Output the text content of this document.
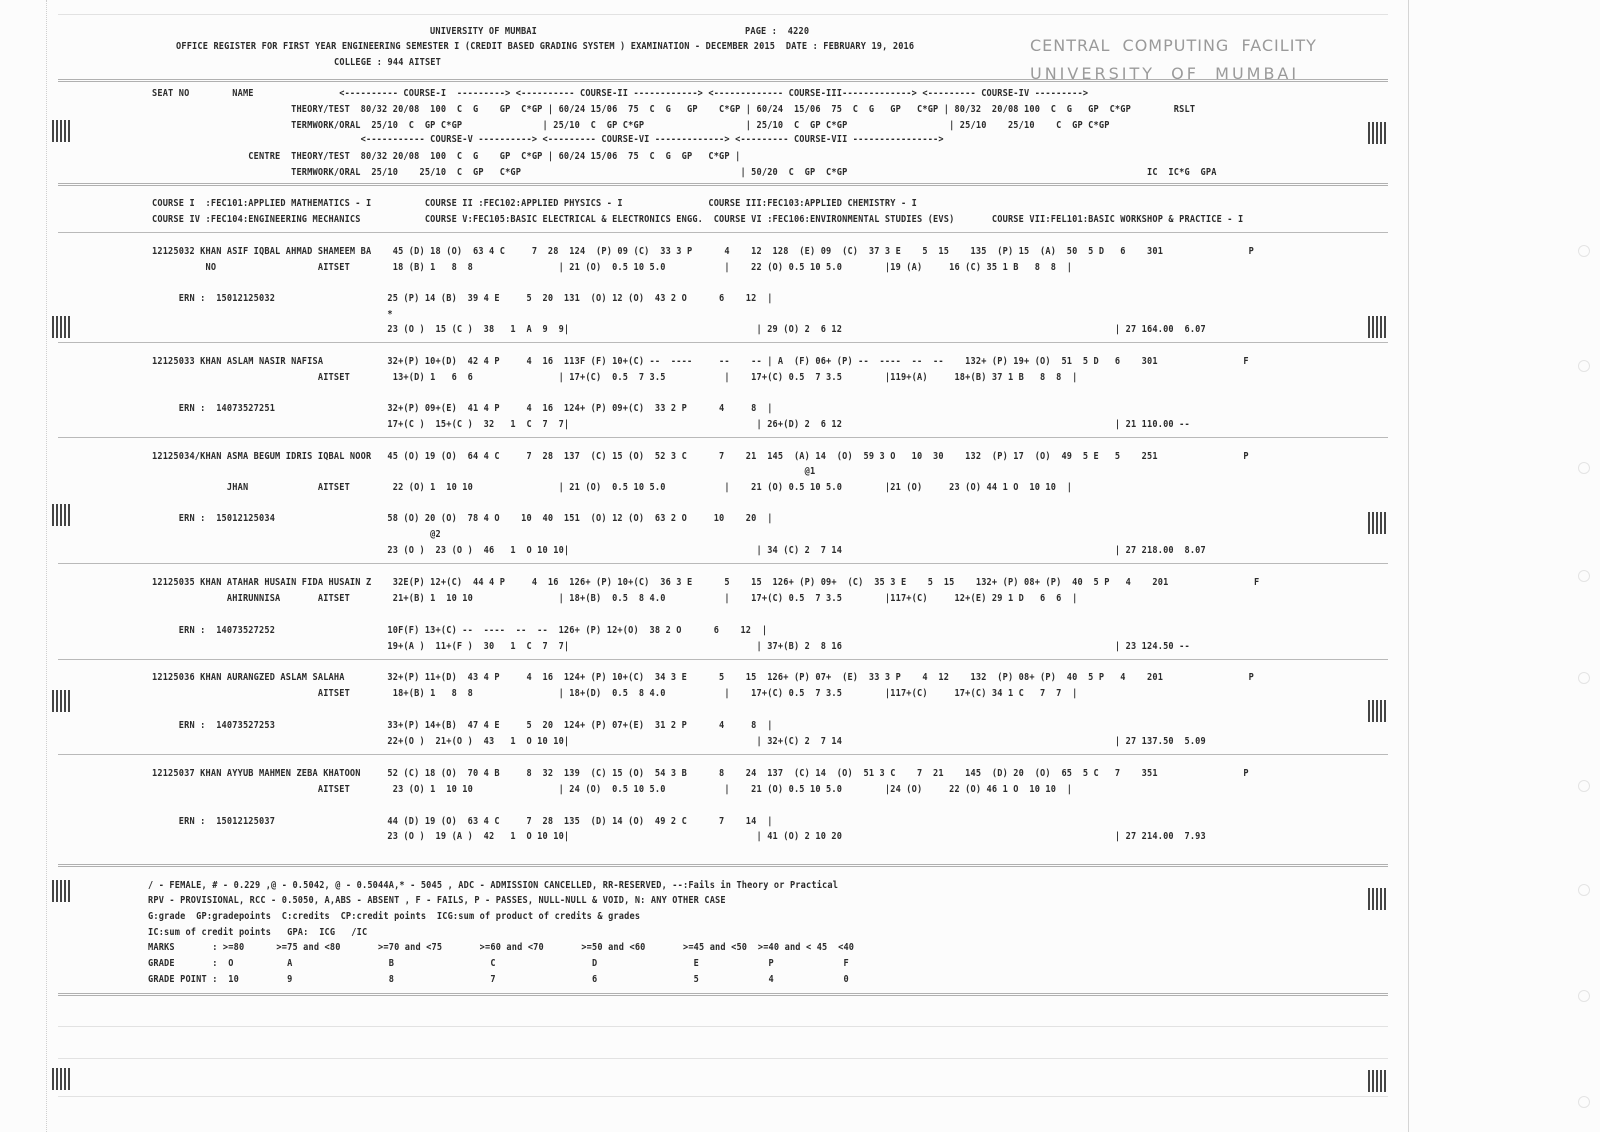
UNIVERSITY OF MUMBAI	PAGE :  4220
OFFICE REGISTER FOR FIRST YEAR ENGINEERING SEMESTER I (CREDIT BASED GRADING SYSTEM ) EXAMINATION - DECEMBER 2015  DATE : FEBRUARY 19, 2016
COLLEGE : 944 AITSET
CENTRAL  COMPUTING  FACILITY
UNIVERSITY  OF  MUMBAI
SEAT NO        NAME                <---------- COURSE-I  ---------> <---------- COURSE-II ------------> <------------- COURSE-III-------------> <--------- COURSE-IV --------->
THEORY/TEST  80/32 20/08  100  C  G    GP  C*GP | 60/24 15/06  75  C  G   GP    C*GP | 60/24  15/06  75  C  G   GP   C*GP | 80/32  20/08 100  C  G   GP  C*GP        RSLT
TERMWORK/ORAL  25/10  C  GP C*GP               | 25/10  C  GP C*GP                   | 25/10  C  GP C*GP                   | 25/10    25/10    C  GP C*GP
<----------- COURSE-V ----------> <--------- COURSE-VI -------------> <--------- COURSE-VII ---------------->
CENTRE  THEORY/TEST  80/32 20/08  100  C  G    GP  C*GP | 60/24 15/06  75  C  G  GP   C*GP |
TERMWORK/ORAL  25/10    25/10  C  GP   C*GP                                         | 50/20  C  GP  C*GP                                                        IC  IC*G  GPA
COURSE I  :FEC101:APPLIED MATHEMATICS - I          COURSE II :FEC102:APPLIED PHYSICS - I                COURSE III:FEC103:APPLIED CHEMISTRY - I
COURSE IV :FEC104:ENGINEERING MECHANICS            COURSE V:FEC105:BASIC ELECTRICAL & ELECTRONICS ENGG.  COURSE VI :FEC106:ENVIRONMENTAL STUDIES (EVS)       COURSE VII:FEL101:BASIC WORKSHOP & PRACTICE - I
12125032 KHAN ASIF IQBAL AHMAD SHAMEEM BA    45 (D) 18 (O)  63 4 C     7  28  124  (P) 09 (C)  33 3 P      4    12  128  (E) 09  (C)  37 3 E    5  15    135  (P) 15  (A)  50  5 D   6    301                P
NO                   AITSET        18 (B) 1   8  8                | 21 (O)  0.5 10 5.0           |    22 (O) 0.5 10 5.0        |19 (A)     16 (C) 35 1 B   8  8  |
ERN :  15012125032                     25 (P) 14 (B)  39 4 E     5  20  131  (O) 12 (O)  43 2 O      6    12  |
*
23 (O )  15 (C )  38   1  A  9  9|                                   | 29 (O) 2  6 12                                                   | 27 164.00  6.07
12125033 KHAN ASLAM NASIR NAFISA            32+(P) 10+(D)  42 4 P     4  16  113F (F) 10+(C) --  ----     --    -- | A  (F) 06+ (P) --  ----  --  --    132+ (P) 19+ (O)  51  5 D   6    301                F
AITSET        13+(D) 1   6  6                | 17+(C)  0.5  7 3.5           |    17+(C) 0.5  7 3.5        |119+(A)     18+(B) 37 1 B   8  8  |
ERN :  14073527251                     32+(P) 09+(E)  41 4 P     4  16  124+ (P) 09+(C)  33 2 P      4     8  |
17+(C )  15+(C )  32   1  C  7  7|                                   | 26+(D) 2  6 12                                                   | 21 110.00 --
12125034/KHAN ASMA BEGUM IDRIS IQBAL NOOR   45 (O) 19 (O)  64 4 C     7  28  137  (C) 15 (O)  52 3 C      7    21  145  (A) 14  (O)  59 3 O   10  30    132  (P) 17  (O)  49  5 E   5    251                P
@1
JHAN             AITSET        22 (O) 1  10 10                | 21 (O)  0.5 10 5.0           |    21 (O) 0.5 10 5.0        |21 (O)     23 (O) 44 1 O  10 10  |
ERN :  15012125034                     58 (O) 20 (O)  78 4 O    10  40  151  (O) 12 (O)  63 2 O     10    20  |
@2
23 (O )  23 (O )  46   1  O 10 10|                                   | 34 (C) 2  7 14                                                   | 27 218.00  8.07
12125035 KHAN ATAHAR HUSAIN FIDA HUSAIN Z    32E(P) 12+(C)  44 4 P     4  16  126+ (P) 10+(C)  36 3 E      5    15  126+ (P) 09+  (C)  35 3 E    5  15    132+ (P) 08+ (P)  40  5 P   4    201                F
AHIRUNNISA       AITSET        21+(B) 1  10 10                | 18+(B)  0.5  8 4.0           |    17+(C) 0.5  7 3.5        |117+(C)     12+(E) 29 1 D   6  6  |
ERN :  14073527252                     10F(F) 13+(C) --  ----  --  --  126+ (P) 12+(O)  38 2 O      6    12  |
19+(A )  11+(F )  30   1  C  7  7|                                   | 37+(B) 2  8 16                                                   | 23 124.50 --
12125036 KHAN AURANGZED ASLAM SALAHA        32+(P) 11+(D)  43 4 P     4  16  124+ (P) 10+(C)  34 3 E      5    15  126+ (P) 07+  (E)  33 3 P    4  12    132  (P) 08+ (P)  40  5 P   4    201                P
AITSET        18+(B) 1   8  8                | 18+(D)  0.5  8 4.0           |    17+(C) 0.5  7 3.5        |117+(C)     17+(C) 34 1 C   7  7  |
ERN :  14073527253                     33+(P) 14+(B)  47 4 E     5  20  124+ (P) 07+(E)  31 2 P      4     8  |
22+(O )  21+(O )  43   1  O 10 10|                                   | 32+(C) 2  7 14                                                   | 27 137.50  5.09
12125037 KHAN AYYUB MAHMEN ZEBA KHATOON     52 (C) 18 (O)  70 4 B     8  32  139  (C) 15 (O)  54 3 B      8    24  137  (C) 14  (O)  51 3 C    7  21    145  (D) 20  (O)  65  5 C   7    351                P
AITSET        23 (O) 1  10 10                | 24 (O)  0.5 10 5.0           |    21 (O) 0.5 10 5.0        |24 (O)     22 (O) 46 1 O  10 10  |
ERN :  15012125037                     44 (D) 19 (O)  63 4 C     7  28  135  (D) 14 (O)  49 2 C      7    14  |
23 (O )  19 (A )  42   1  O 10 10|                                   | 41 (O) 2 10 20                                                   | 27 214.00  7.93
/ - FEMALE, # - 0.229 ,@ - 0.5042, @ - 0.5044A,* - 5045 , ADC - ADMISSION CANCELLED, RR-RESERVED, --:Fails in Theory or Practical
RPV - PROVISIONAL, RCC - 0.5050, A,ABS - ABSENT , F - FAILS, P - PASSES, NULL-NULL & VOID, N: ANY OTHER CASE
G:grade  GP:gradepoints  C:credits  CP:credit points  ICG:sum of product of credits & grades
IC:sum of credit points   GPA:  ICG   /IC
MARKS       : >=80      >=75 and <80       >=70 and <75       >=60 and <70       >=50 and <60       >=45 and <50  >=40 and < 45  <40
GRADE       :  O          A                  B                  C                  D                  E             P             F
GRADE POINT :  10         9                  8                  7                  6                  5             4             0
